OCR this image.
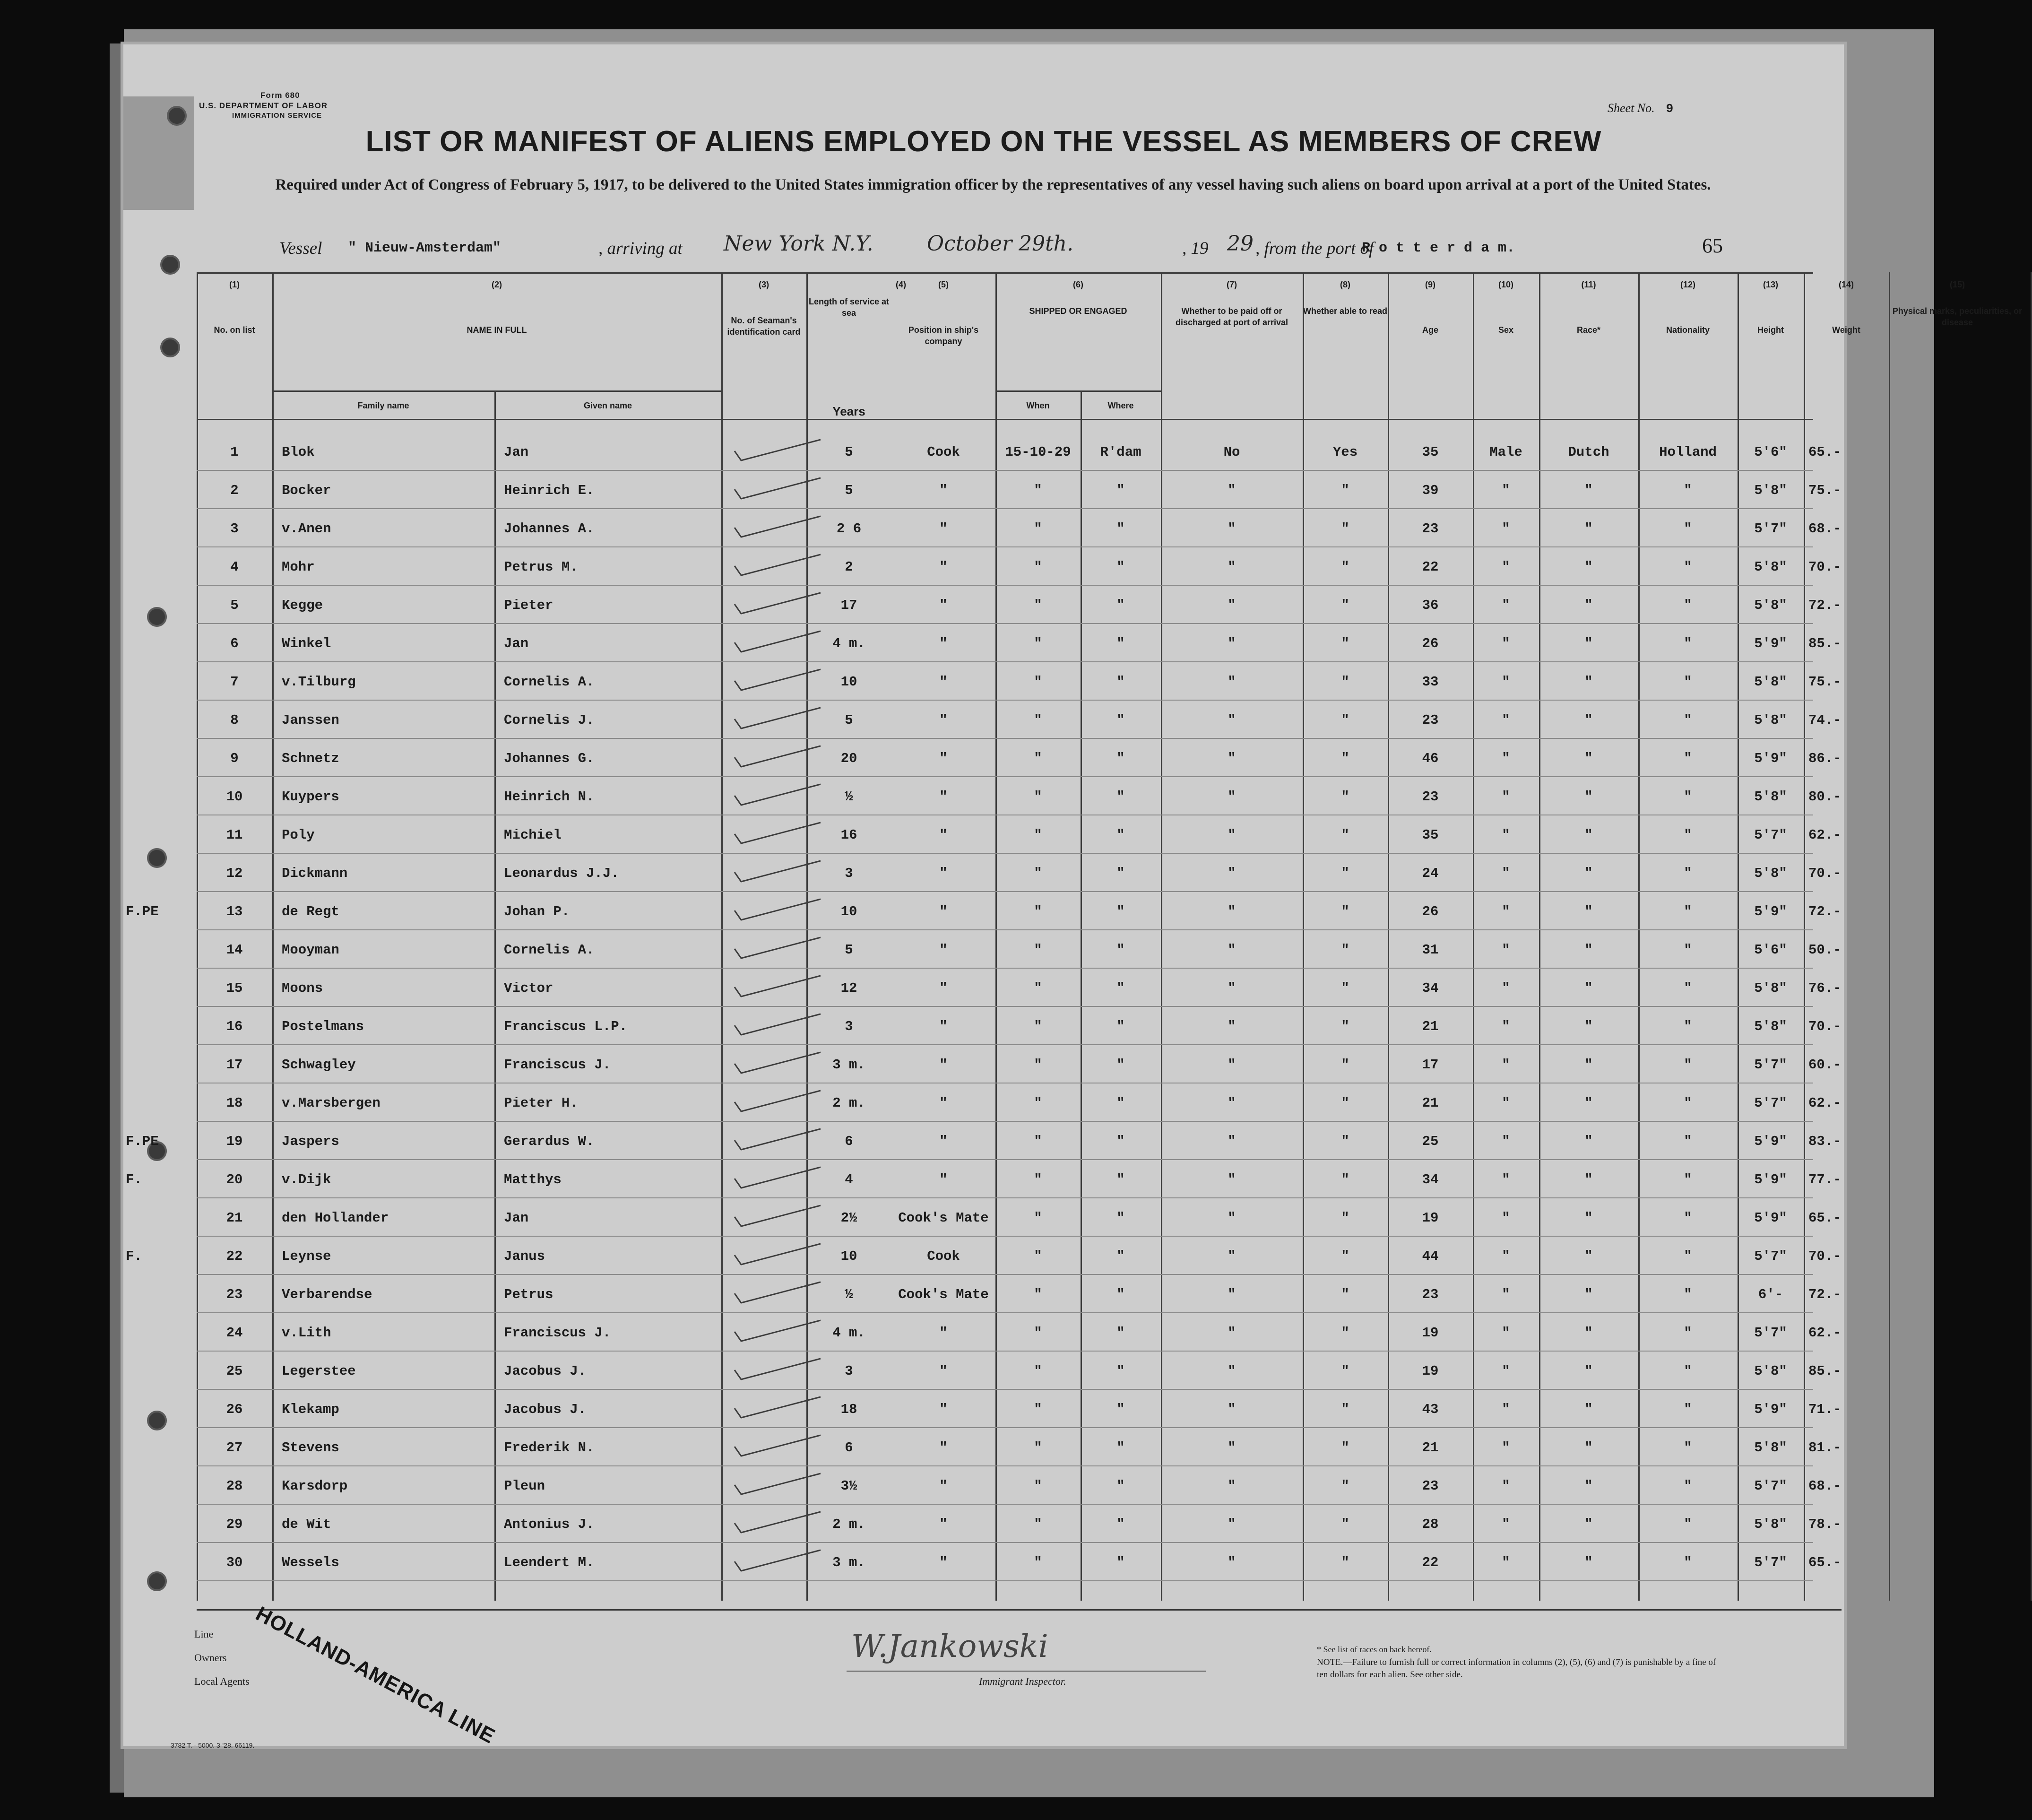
Form 680
U.S. DEPARTMENT OF LABOR
IMMIGRATION SERVICE
Sheet No. 9
LIST OR MANIFEST OF ALIENS EMPLOYED ON THE VESSEL AS MEMBERS OF CREW
Required under Act of Congress of February 5, 1917, to be delivered to the United States immigration officer by the representatives of any vessel having such aliens on board upon arrival at a port of the United States.
Vessel " Nieuw-Amsterdam"	, arriving at New York N.Y.	October 29th.	, 19 29 , from the port of
R o t t e r d a m.	65
(1)
No. on list
(2)
NAME IN FULL
Family name	Given name
(3)
No. of Seaman's identification card
(4)
Length of service at sea
Years
(5)
Position in ship's company
(6)
SHIPPED OR ENGAGED
When	Where
(7)
Whether to be paid off or discharged at port of arrival
(8)
Whether able to read
(9)
Age
(10)
Sex
(11)
Race*
(12)
Nationality
(13)
Height
(14)
Weight
(15)
Physical marks, peculiarities, or disease
1	Blok	Jan	5	Cook	15-10-29	R'dam	No	Yes	35	Male	Dutch	Holland	5'6"	65.-
2	Bocker	Heinrich E.	5	"	"	"	"	"	39	"	"	"	5'8"	75.-
3	v.Anen	Johannes A.	2 6	"	"	"	"	"	23	"	"	"	5'7"	68.-
4	Mohr	Petrus M.	2	"	"	"	"	"	22	"	"	"	5'8"	70.-
5	Kegge	Pieter	17	"	"	"	"	"	36	"	"	"	5'8"	72.-
6	Winkel	Jan	4 m.	"	"	"	"	"	26	"	"	"	5'9"	85.-
7	v.Tilburg	Cornelis A.	10	"	"	"	"	"	33	"	"	"	5'8"	75.-
8	Janssen	Cornelis J.	5	"	"	"	"	"	23	"	"	"	5'8"	74.-
9	Schnetz	Johannes G.	20	"	"	"	"	"	46	"	"	"	5'9"	86.-
10	Kuypers	Heinrich N.	½	"	"	"	"	"	23	"	"	"	5'8"	80.-
11	Poly	Michiel	16	"	"	"	"	"	35	"	"	"	5'7"	62.-
12	Dickmann	Leonardus J.J.	3	"	"	"	"	"	24	"	"	"	5'8"	70.-
13	de Regt	Johan P.	10	"	"	"	"	"	26	"	"	"	5'9"	72.-
F.PE
14	Mooyman	Cornelis A.	5	"	"	"	"	"	31	"	"	"	5'6"	50.-
15	Moons	Victor	12	"	"	"	"	"	34	"	"	"	5'8"	76.-
16	Postelmans	Franciscus L.P.	3	"	"	"	"	"	21	"	"	"	5'8"	70.-
17	Schwagley	Franciscus J.	3 m.	"	"	"	"	"	17	"	"	"	5'7"	60.-
18	v.Marsbergen	Pieter H.	2 m.	"	"	"	"	"	21	"	"	"	5'7"	62.-
19	Jaspers	Gerardus W.	6	"	"	"	"	"	25	"	"	"	5'9"	83.-
F.PE
20	v.Dijk	Matthys	4	"	"	"	"	"	34	"	"	"	5'9"	77.-
F.
21	den Hollander	Jan	2½	Cook's Mate	"	"	"	"	19	"	"	"	5'9"	65.-
22	Leynse	Janus	10	Cook	"	"	"	"	44	"	"	"	5'7"	70.-
F.
23	Verbarendse	Petrus	½	Cook's Mate	"	"	"	"	23	"	"	"	6'-	72.-
24	v.Lith	Franciscus J.	4 m.	"	"	"	"	"	19	"	"	"	5'7"	62.-
25	Legerstee	Jacobus J.	3	"	"	"	"	"	19	"	"	"	5'8"	85.-
26	Klekamp	Jacobus J.	18	"	"	"	"	"	43	"	"	"	5'9"	71.-
27	Stevens	Frederik N.	6	"	"	"	"	"	21	"	"	"	5'8"	81.-
28	Karsdorp	Pleun	3½	"	"	"	"	"	23	"	"	"	5'7"	68.-
29	de Wit	Antonius J.	2 m.	"	"	"	"	"	28	"	"	"	5'8"	78.-
30	Wessels	Leendert M.	3 m.	"	"	"	"	"	22	"	"	"	5'7"	65.-
Line
Owners
Local Agents HOLLAND-AMERICA LINE	W.Jankowski
Immigrant Inspector.
* See list of races on back hereof.
NOTE.—Failure to furnish full or correct information in columns (2), (5), (6) and (7) is punishable by a fine of ten dollars for each alien. See other side.
3782 T. - 5000. 3-'28. 66119.
